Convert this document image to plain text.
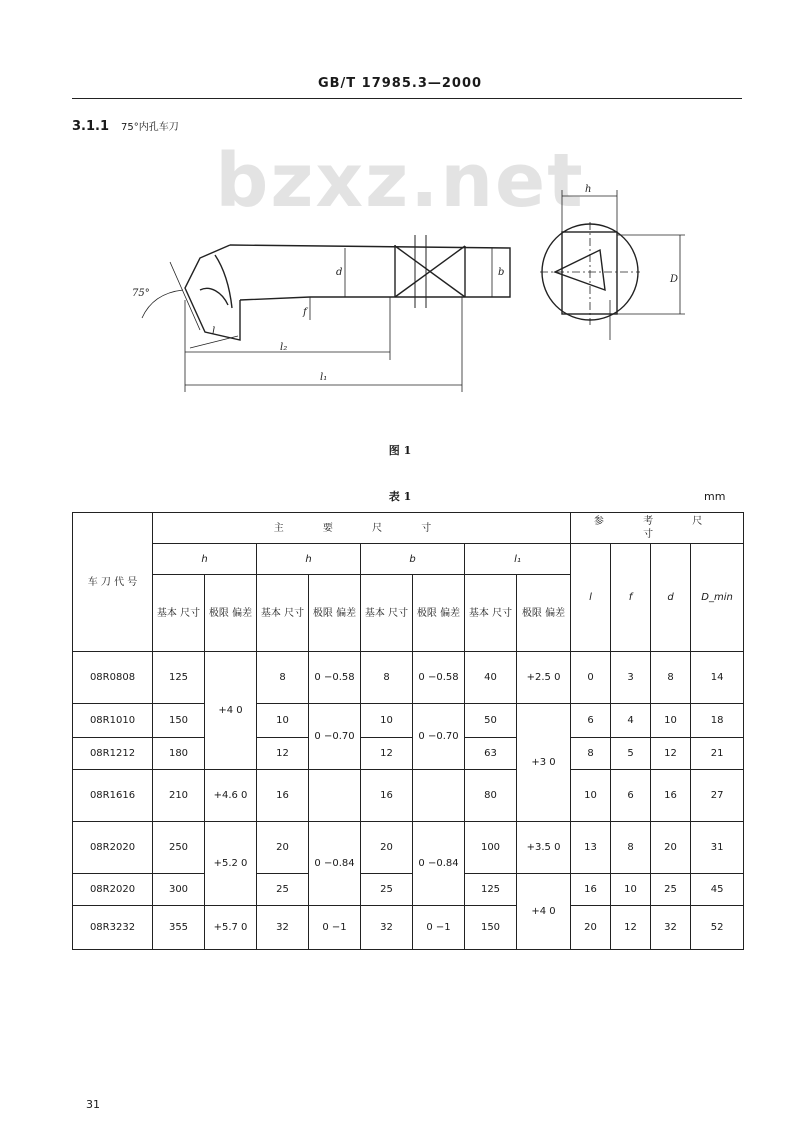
GB/T 17985.3—2000
3.1.1 75°内孔车刀
bzxz.net
75°
l
l₂
l₁
d	b
h
f
D
图 1
表 1	mm
车 刀 代 号	主 要 尺 寸								参 考 尺 寸			
	h		h		b		l₁		l	f	d	D_min
	基本 尺寸	极限 偏差	基本 尺寸	极限 偏差	基本 尺寸	极限 偏差	基本 尺寸	极限 偏差				
08R0808	125	+4 0	8	0 −0.58	8	0 −0.58	40	+2.5 0	0	3	8	14
08R1010	150		10	0 −0.70	10	0 −0.70	50	+3 0	6	4	10	18
08R1212	180		12		12		63		8	5	12	21
08R1616	210	+4.6 0	16		16		80		10	6	16	27
08R2020	250	+5.2 0	20	0 −0.84	20	0 −0.84	100	+3.5 0	13	8	20	31
08R2020	300		25		25		125	+4 0	16	10	25	45
08R3232	355	+5.7 0	32	0 −1	32	0 −1	150		20	12	32	52
31
